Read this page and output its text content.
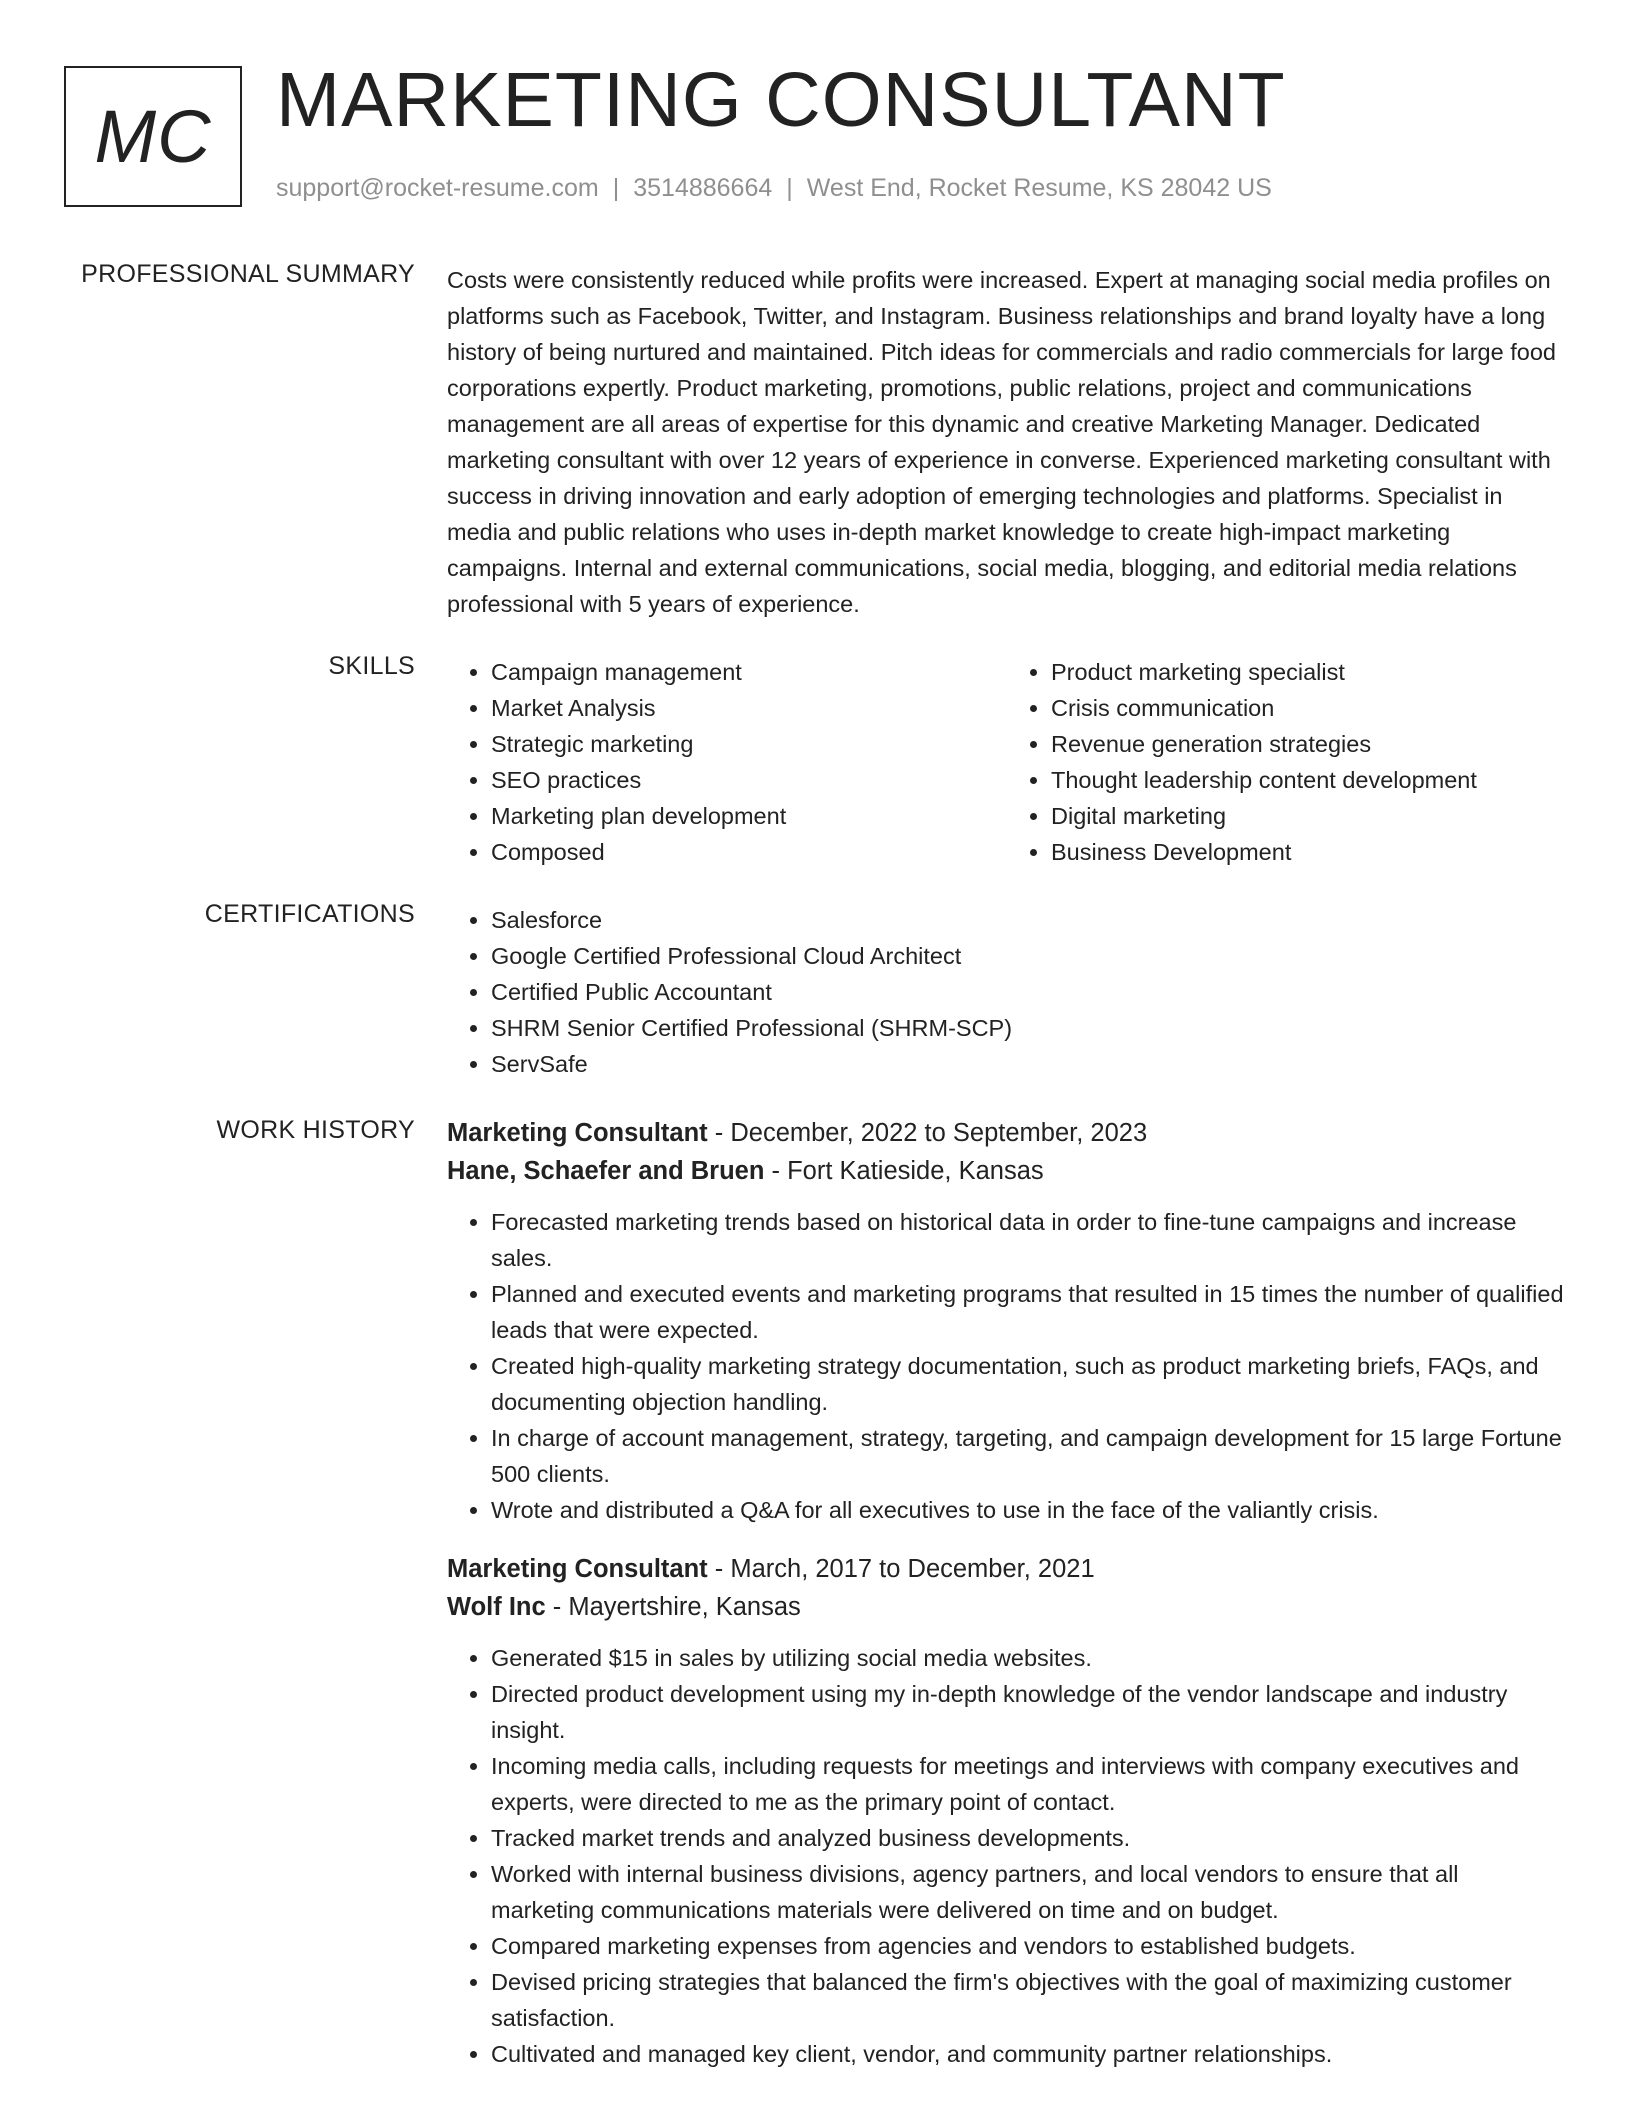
MC MARKETING CONSULTANT
support@rocket-resume.com | 3514886664 | West End, Rocket Resume, KS 28042 US
PROFESSIONAL SUMMARY Costs were consistently reduced while profits were increased. Expert at managing social media profiles on platforms such as Facebook, Twitter, and Instagram. Business relationships and brand loyalty have a long history of being nurtured and maintained. Pitch ideas for commercials and radio commercials for large food corporations expertly. Product marketing, promotions, public relations, project and communications management are all areas of expertise for this dynamic and creative Marketing Manager. Dedicated marketing consultant with over 12 years of experience in converse. Experienced marketing consultant with success in driving innovation and early adoption of emerging technologies and platforms. Specialist in media and public relations who uses in-depth market knowledge to create high-impact marketing campaigns. Internal and external communications, social media, blogging, and editorial media relations professional with 5 years of experience.

SKILLS	• Campaign management
• Market Analysis
• Strategic marketing
• SEO practices
• Marketing plan development
• Composed
• Product marketing specialist
• Crisis communication
• Revenue generation strategies
• Thought leadership content development
• Digital marketing
• Business Development
CERTIFICATIONS	• Salesforce
• Google Certified Professional Cloud Architect
• Certified Public Accountant
• SHRM Senior Certified Professional (SHRM-SCP)
• ServSafe
WORK HISTORY Marketing Consultant - December, 2022 to September, 2023
Hane, Schaefer and Bruen - Fort Katieside, Kansas
• Forecasted marketing trends based on historical data in order to fine-tune campaigns and increase sales.
• Planned and executed events and marketing programs that resulted in 15 times the number of qualified leads that were expected.
• Created high-quality marketing strategy documentation, such as product marketing briefs, FAQs, and documenting objection handling.
• In charge of account management, strategy, targeting, and campaign development for 15 large Fortune 500 clients.
• Wrote and distributed a Q&A for all executives to use in the face of the valiantly crisis.
Marketing Consultant - March, 2017 to December, 2021
Wolf Inc - Mayertshire, Kansas
• Generated $15 in sales by utilizing social media websites.
• Directed product development using my in-depth knowledge of the vendor landscape and industry insight.
• Incoming media calls, including requests for meetings and interviews with company executives and experts, were directed to me as the primary point of contact.
• Tracked market trends and analyzed business developments.
• Worked with internal business divisions, agency partners, and local vendors to ensure that all marketing communications materials were delivered on time and on budget.
• Compared marketing expenses from agencies and vendors to established budgets.
• Devised pricing strategies that balanced the firm's objectives with the goal of maximizing customer satisfaction.
• Cultivated and managed key client, vendor, and community partner relationships.
